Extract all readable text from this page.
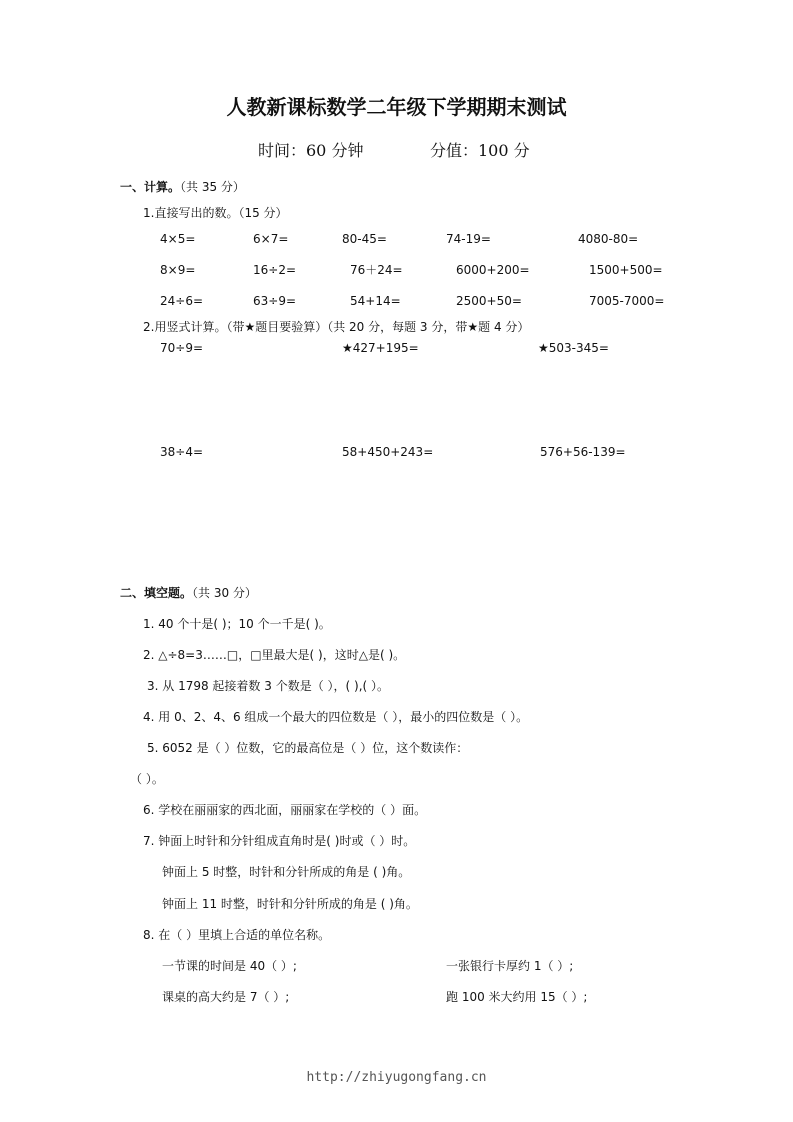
人教新课标数学二年级下学期期末测试
时间：60 分钟	分值：100 分
一、计算。（共 35 分）
1.直接写出的数。（15 分）
4×5=	6×7=	80-45=	74-19=	4080-80=
8×9=	16÷2=	76＋24=	6000+200=	1500+500=
24÷6=	63÷9=	54+14=	2500+50=	7005-7000=
2.用竖式计算。（带★题目要验算）（共 20 分，每题 3 分，带★题 4 分）
70÷9=	★427+195=	★503-345=
38÷4=	58+450+243=	576+56-139=
二、填空题。（共 30 分）
1. 40 个十是( )；10 个一千是( )。
2. △÷8=3……□，□里最大是( )，这时△是( )。
3. 从 1798 起接着数 3 个数是（ ），( ),( ）。
4. 用 0、2、4、6 组成一个最大的四位数是（ ），最小的四位数是（ ）。
5. 6052 是（ ）位数，它的最高位是（ ）位，这个数读作：
（ ）。
6. 学校在丽丽家的西北面，丽丽家在学校的（ ）面。
7. 钟面上时针和分针组成直角时是( )时或（ ）时。
钟面上 5 时整，时针和分针所成的角是 ( )角。
钟面上 11 时整，时针和分针所成的角是 ( )角。
8. 在（ ）里填上合适的单位名称。
一节课的时间是 40（ ）;	一张银行卡厚约 1（ ）;
课桌的高大约是 7（ ）;	跑 100 米大约用 15（ ）;
http://zhiyugongfang.cn
